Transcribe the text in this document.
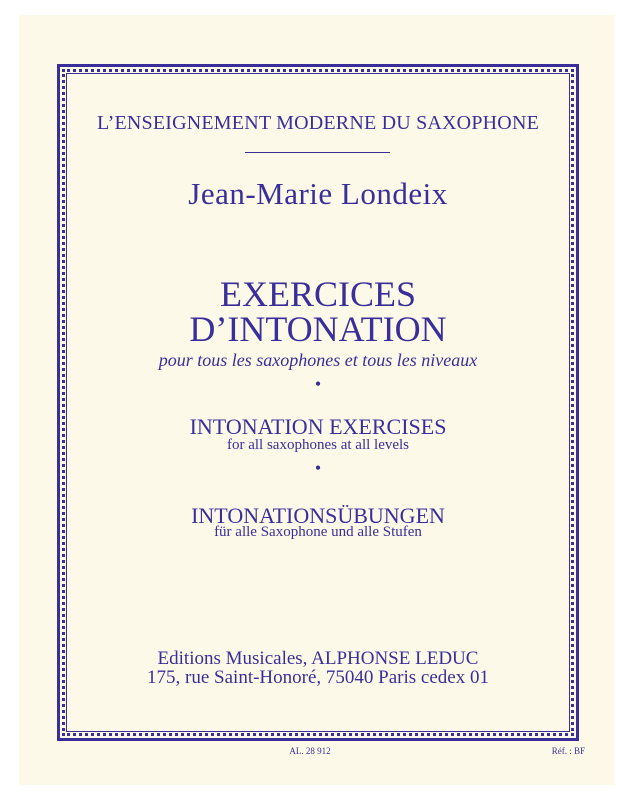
L’ENSEIGNEMENT MODERNE DU SAXOPHONE
Jean-Marie Londeix
EXERCICES
D’INTONATION
pour tous les saxophones et tous les niveaux
•
INTONATION EXERCISES
for all saxophones at all levels
•
INTONATIONSÜBUNGEN
für alle Saxophone und alle Stufen
Editions Musicales, ALPHONSE LEDUC
175, rue Saint-Honoré, 75040 Paris cedex 01
AL. 28 912	Réf. : BF
